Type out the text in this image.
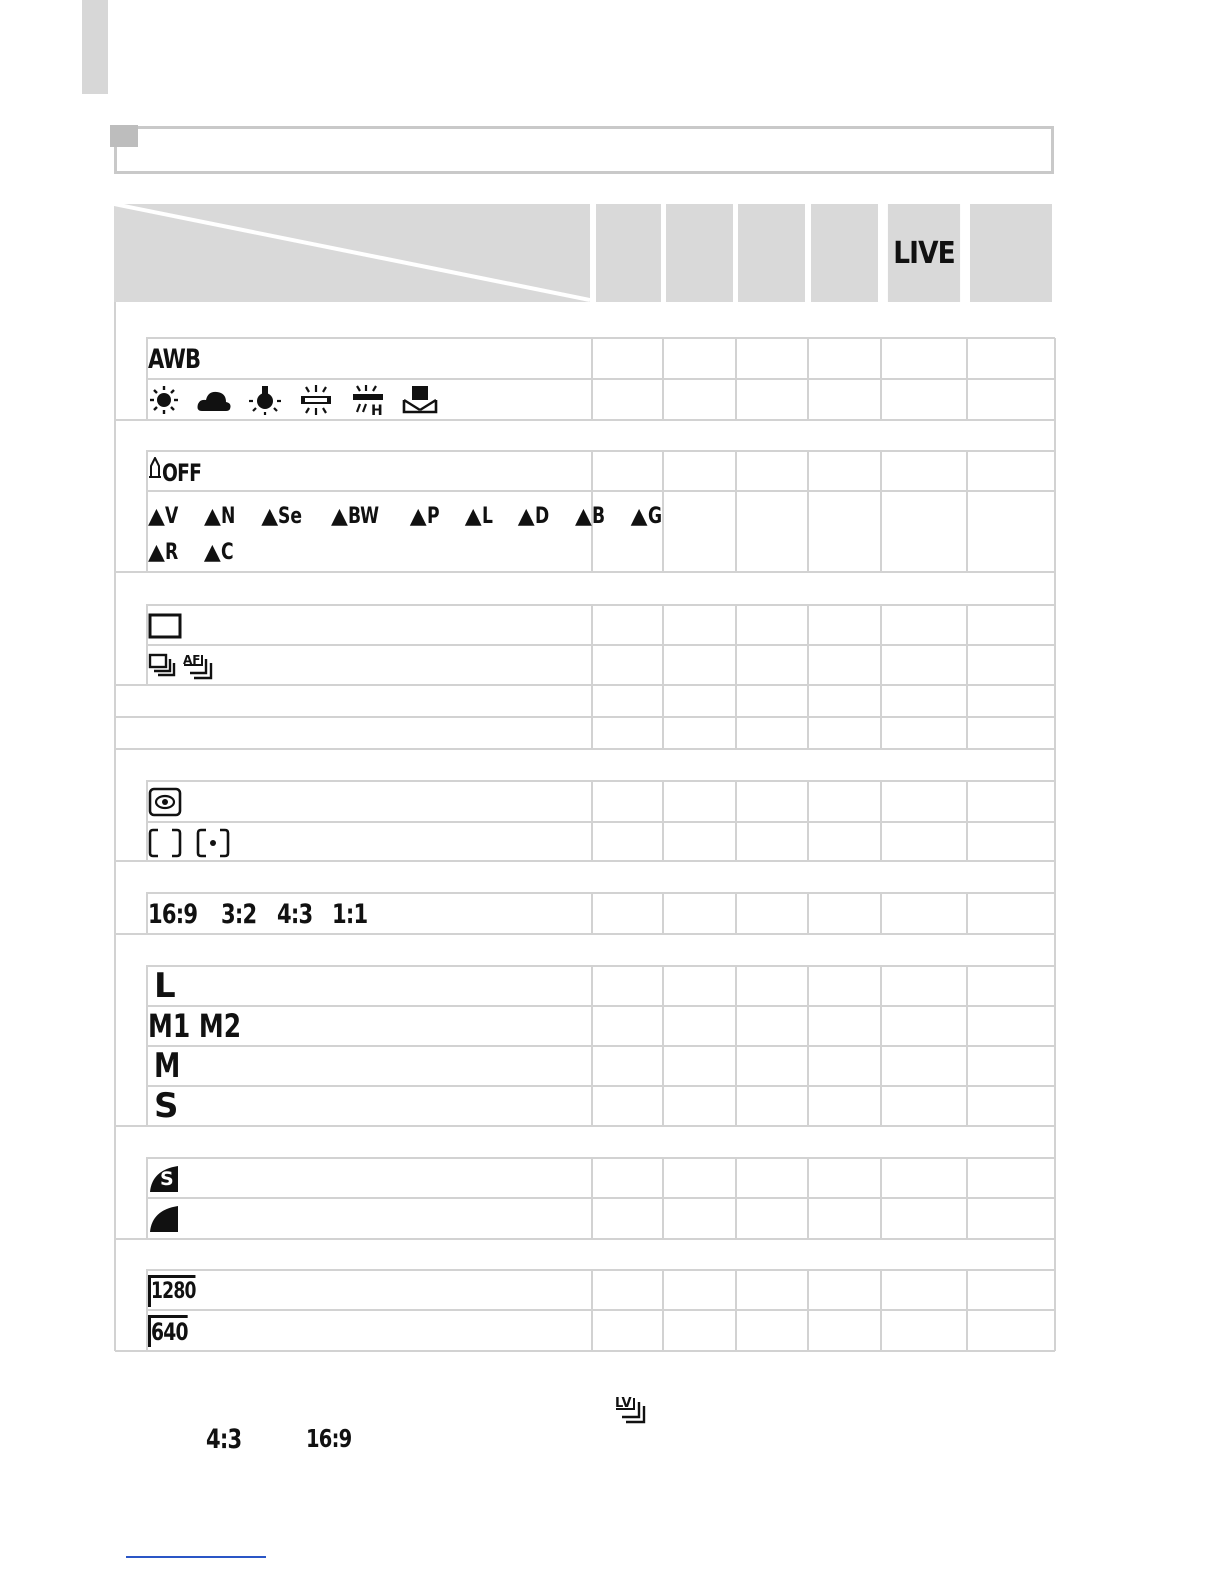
LIVE
AWB
H
OFF
▲ V ▲ N ▲ Se ▲ BW ▲ P ▲ L ▲ D ▲ B ▲ G
▲ R ▲ C
AF
16:9 3:2 4:3 1:1
L
M1 M2
M
S
S
1280
640
LV
4:3	16:9
